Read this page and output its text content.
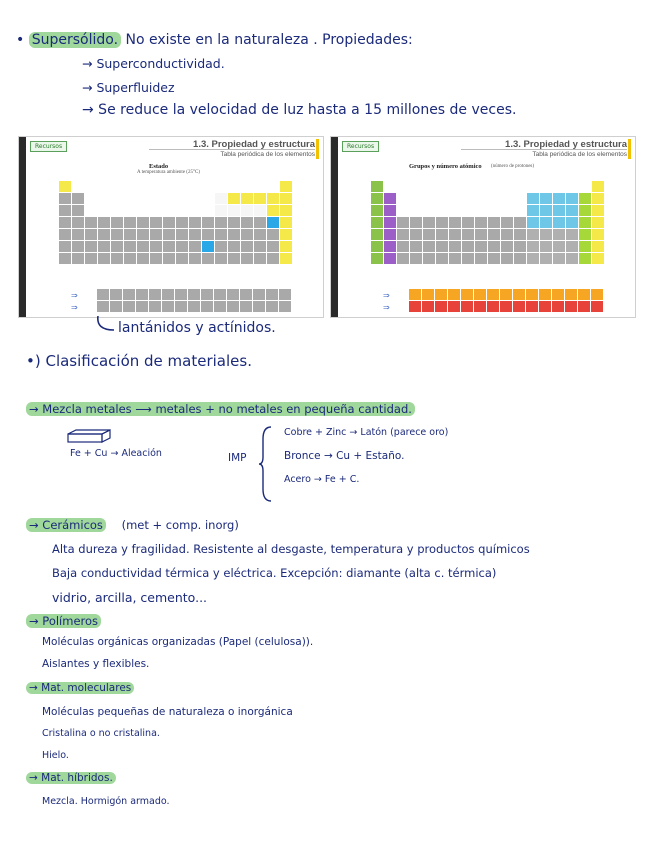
• Supersólido. No existe en la naturaleza . Propiedades:
→ Superconductividad.
→ Superfluidez
→ Se reduce la velocidad de luz hasta a 15 millones de veces.
Recursos	1.3. Propiedad y estructura
Tabla periódica de los elementos
Estado
A temperatura ambiente (25°C)
⇒
⇒
Recursos	1.3. Propiedad y estructura
Tabla periódica de los elementos
Grupos y número atómico (número de protones)
⇒
⇒
lantánidos y actínidos.
•) Clasificación de materiales.
→ Mezcla metales ⟶ metales + no metales en pequeña cantidad.
Fe + Cu → Aleación	IMP
Cobre + Zinc → Latón (parece oro)
Bronce → Cu + Estaño.
Acero → Fe + C.
→ Cerámicos (met + comp. inorg)
Alta dureza y fragilidad. Resistente al desgaste, temperatura y productos químicos
Baja conductividad térmica y eléctrica. Excepción: diamante (alta c. térmica)
vidrio, arcilla, cemento...
→ Polímeros
Moléculas orgánicas organizadas (Papel (celulosa)).
Aislantes y flexibles.
→ Mat. moleculares
Moléculas pequeñas de naturaleza o inorgánica
Cristalina o no cristalina.
Hielo.
→ Mat. híbridos.
Mezcla. Hormigón armado.
